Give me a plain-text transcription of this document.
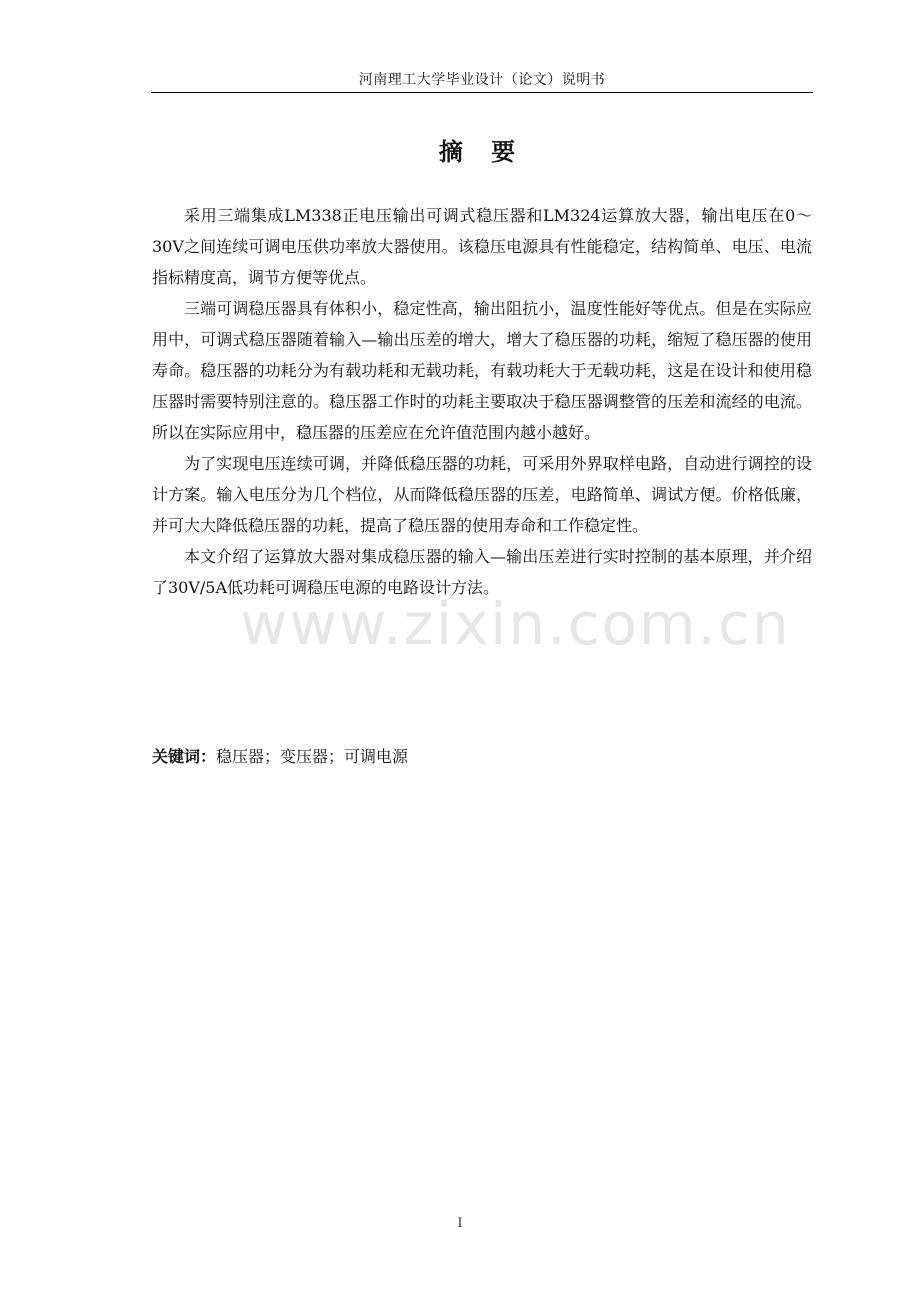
河南理工大学毕业设计（论文）说明书
摘 要

采用三端集成LM338正电压输出可调式稳压器和LM324运算放大器，输出电压在0～30V之间连续可调电压供功率放大器使用。该稳压电源具有性能稳定，结构简单、电压、电流指标精度高，调节方便等优点。

三端可调稳压器具有体积小，稳定性高，输出阻抗小，温度性能好等优点。但是在实际应用中，可调式稳压器随着输入—输出压差的增大，增大了稳压器的功耗，缩短了稳压器的使用寿命。稳压器的功耗分为有载功耗和无载功耗，有载功耗大于无载功耗，这是在设计和使用稳压器时需要特别注意的。稳压器工作时的功耗主要取决于稳压器调整管的压差和流经的电流。所以在实际应用中，稳压器的压差应在允许值范围内越小越好。

为了实现电压连续可调，并降低稳压器的功耗，可采用外界取样电路，自动进行调控的设计方案。输入电压分为几个档位，从而降低稳压器的压差，电路简单、调试方便。价格低廉，并可大大降低稳压器的功耗，提高了稳压器的使用寿命和工作稳定性。

本文介绍了运算放大器对集成稳压器的输入—输出压差进行实时控制的基本原理，并介绍了30V/5A低功耗可调稳压电源的电路设计方法。

关键词：稳压器；变压器；可调电源
www.zixin.com.cn
I
